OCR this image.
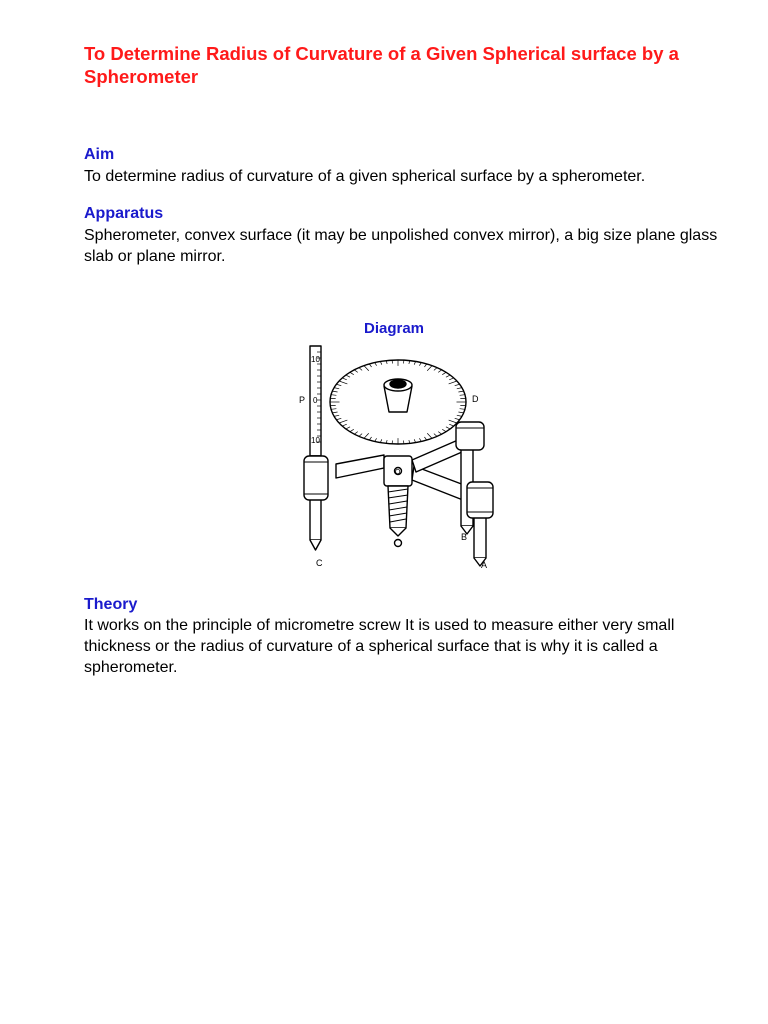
To Determine Radius of Curvature of a Given Spherical surface by a Spherometer
Aim

To determine radius of curvature of a given spherical surface by a spherometer.

Apparatus

Spherometer, convex surface (it may be unpolished convex mirror), a big size plane glass slab or plane mirror.

Diagram
10
0
10
P	D
B
A
C
O
Theory

It works on the principle of micrometre screw It is used to measure either very small thickness or the radius of curvature of a spherical surface that is why it is called a spherometer.
